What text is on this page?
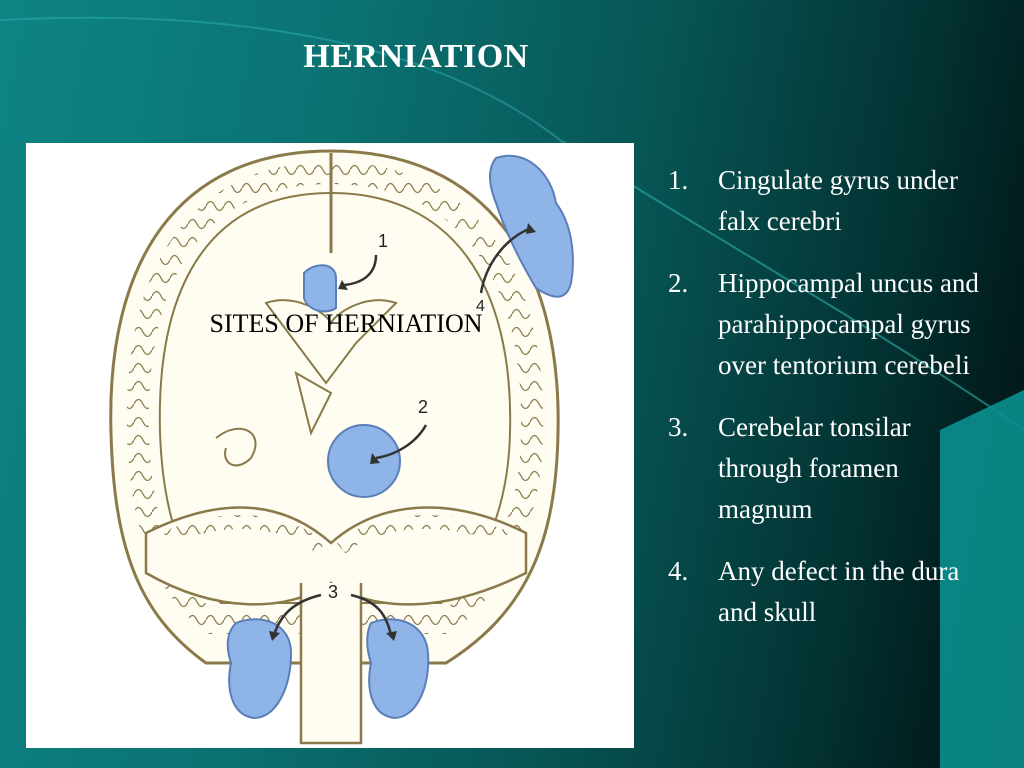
HERNIATION
1
2
3
4
SITES OF HERNIATION
1. Cingulate gyrus under falx cerebri
2. Hippocampal uncus and parahippocampal gyrus over tentorium cerebeli
3. Cerebelar tonsilar through foramen magnum
4. Any defect in the dura and skull
